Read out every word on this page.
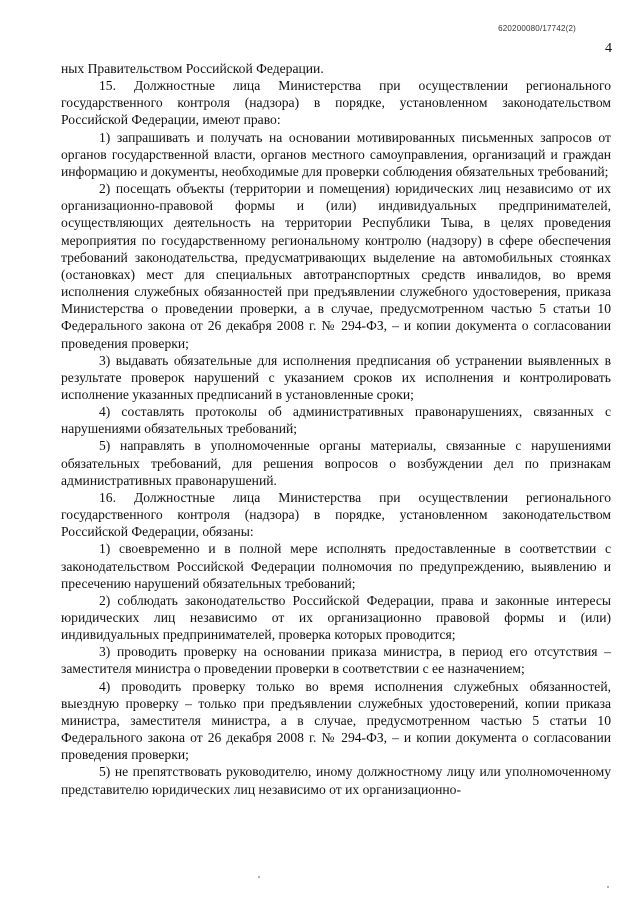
620200080/17742(2)
4

ных Правительством Российской Федерации.

15. Должностные лица Министерства при осуществлении регионального государственного контроля (надзора) в порядке, установленном законодательством Российской Федерации, имеют право:

1) запрашивать и получать на основании мотивированных письменных запросов от органов государственной власти, органов местного самоуправления, организаций и граждан информацию и документы, необходимые для проверки соблюдения обязательных требований;

2) посещать объекты (территории и помещения) юридических лиц независимо от их организационно-правовой формы и (или) индивидуальных предпринимателей, осуществляющих деятельность на территории Республики Тыва, в целях проведения мероприятия по государственному региональному контролю (надзору) в сфере обеспечения требований законодательства, предусматривающих выделение на автомобильных стоянках (остановках) мест для специальных автотранспортных средств инвалидов, во время исполнения служебных обязанностей при предъявлении служебного удостоверения, приказа Министерства о проведении проверки, а в случае, предусмотренном частью 5 статьи 10 Федерального закона от 26 декабря 2008 г. № 294-ФЗ, – и копии документа о согласовании проведения проверки;

3) выдавать обязательные для исполнения предписания об устранении выявленных в результате проверок нарушений с указанием сроков их исполнения и контролировать исполнение указанных предписаний в установленные сроки;

4) составлять протоколы об административных правонарушениях, связанных с нарушениями обязательных требований;

5) направлять в уполномоченные органы материалы, связанные с нарушениями обязательных требований, для решения вопросов о возбуждении дел по признакам административных правонарушений.

16. Должностные лица Министерства при осуществлении регионального государственного контроля (надзора) в порядке, установленном законодательством Российской Федерации, обязаны:

1) своевременно и в полной мере исполнять предоставленные в соответствии с законодательством Российской Федерации полномочия по предупреждению, выявлению и пресечению нарушений обязательных требований;

2) соблюдать законодательство Российской Федерации, права и законные интересы юридических лиц независимо от их организационно правовой формы и (или) индивидуальных предпринимателей, проверка которых проводится;

3) проводить проверку на основании приказа министра, в период его отсутствия – заместителя министра о проведении проверки в соответствии с ее назначением;

4) проводить проверку только во время исполнения служебных обязанностей, выездную проверку – только при предъявлении служебных удостоверений, копии приказа министра, заместителя министра, а в случае, предусмотренном частью 5 статьи 10 Федерального закона от 26 декабря 2008 г. № 294-ФЗ, – и копии документа о согласовании проведения проверки;

5) не препятствовать руководителю, иному должностному лицу или уполномоченному представителю юридических лиц независимо от их организационно-
